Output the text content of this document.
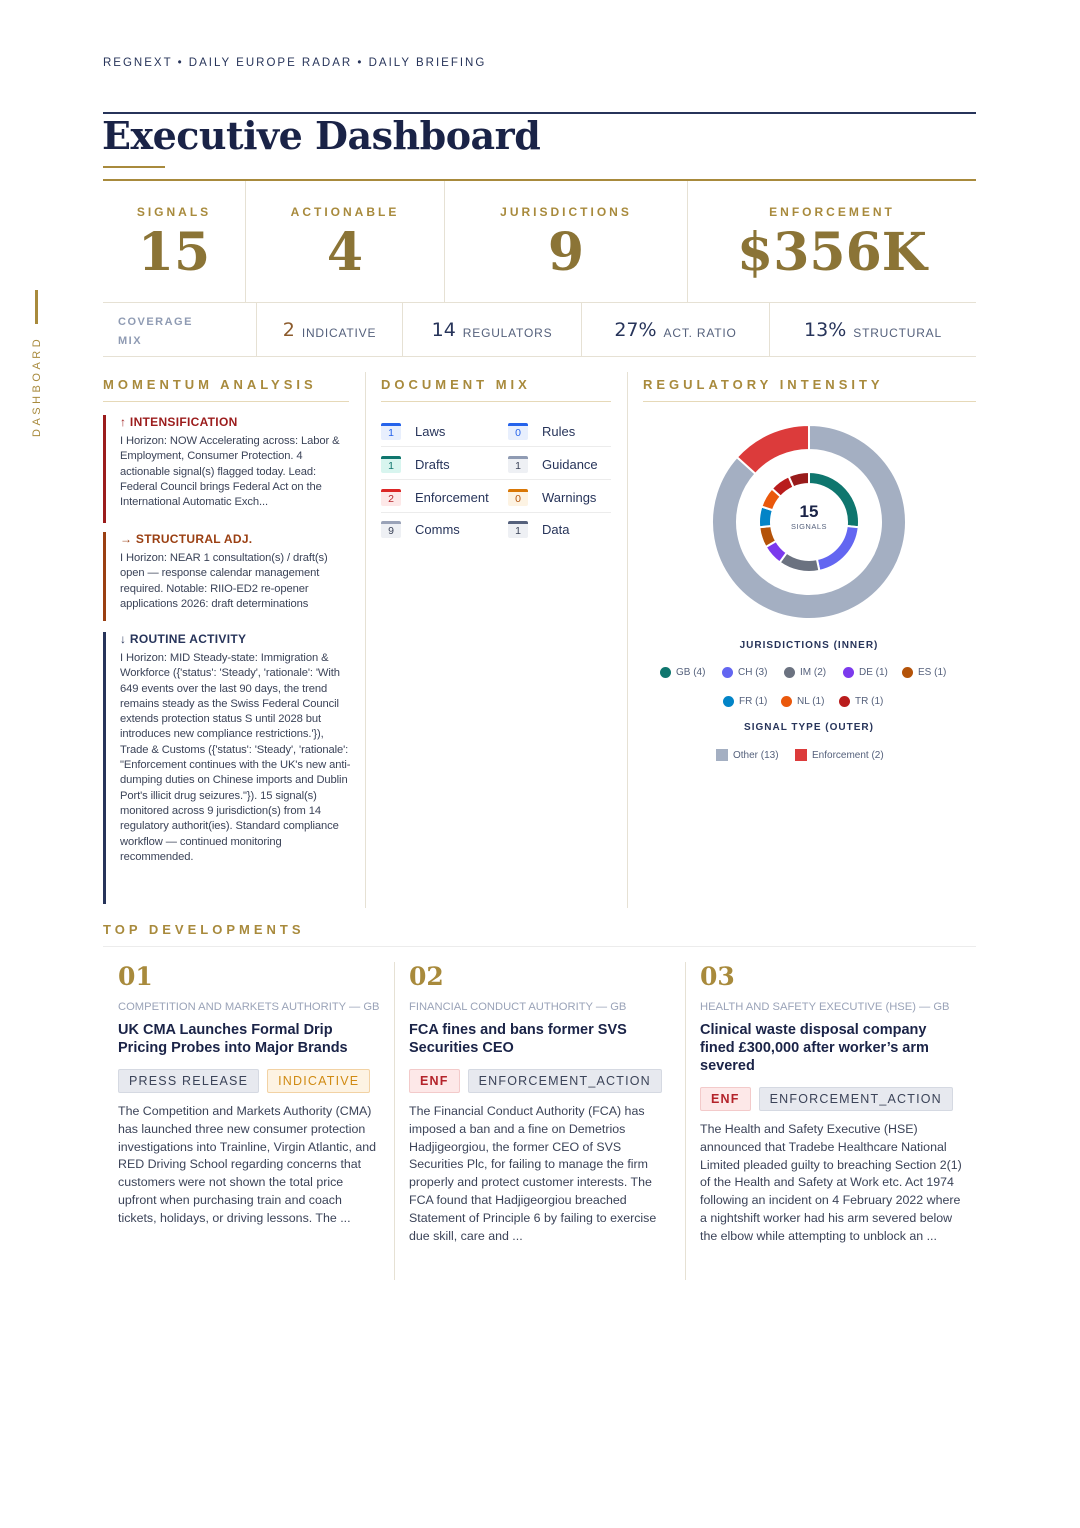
REGNEXT • DAILY EUROPE RADAR • DAILY BRIEFING
DASHBOARD
Executive Dashboard
SIGNALS
15
ACTIONABLE
4
JURISDICTIONS
9
ENFORCEMENT
$356K
COVERAGE MIX	2 INDICATIVE	14 REGULATORS	27% ACT. RATIO	13% STRUCTURAL
MOMENTUM ANALYSIS	DOCUMENT MIX	REGULATORY INTENSITY
↑ INTENSIFICATION
I Horizon: NOW Accelerating across: Labor & Employment, Consumer Protection. 4 actionable signal(s) flagged today. Lead: Federal Council brings Federal Act on the International Automatic Exch...
→ STRUCTURAL ADJ.
I Horizon: NEAR 1 consultation(s) / draft(s) open — response calendar management required. Notable: RIIO-ED2 re-opener applications 2026: draft determinations
↓ ROUTINE ACTIVITY
I Horizon: MID Steady-state: Immigration & Workforce ({'status': 'Steady', 'rationale': 'With 649 events over the last 90 days, the trend remains steady as the Swiss Federal Council extends protection status S until 2028 but introduces new compliance restrictions.'}), Trade & Customs ({'status': 'Steady', 'rationale': "Enforcement continues with the UK's new anti-dumping duties on Chinese imports and Dublin Port's illicit drug seizures."}). 15 signal(s) monitored across 9 jurisdiction(s) from 14 regulatory authorit(ies). Standard compliance workflow — continued monitoring recommended.
1	Laws	0	Rules
1	Drafts	1	Guidance
2	Enforcement	0	Warnings
9	Comms	1	Data
15
SIGNALS
JURISDICTIONS (INNER)
GB (4)	CH (3)	IM (2)	DE (1)	ES (1)
FR (1)	NL (1)	TR (1)
SIGNAL TYPE (OUTER)
Other (13)	Enforcement (2)
TOP DEVELOPMENTS
01
COMPETITION AND MARKETS AUTHORITY — GB
UK CMA Launches Formal Drip Pricing Probes into Major Brands
PRESS RELEASE	INDICATIVE
The Competition and Markets Authority (CMA) has launched three new consumer protection investigations into Trainline, Virgin Atlantic, and RED Driving School regarding concerns that customers were not shown the total price upfront when purchasing train and coach tickets, holidays, or driving lessons. The ...
02
FINANCIAL CONDUCT AUTHORITY — GB
FCA fines and bans former SVS Securities CEO
ENF	ENFORCEMENT_ACTION
The Financial Conduct Authority (FCA) has imposed a ban and a fine on Demetrios Hadjigeorgiou, the former CEO of SVS Securities Plc, for failing to manage the firm properly and protect customer interests. The FCA found that Hadjigeorgiou breached Statement of Principle 6 by failing to exercise due skill, care and ...
03
HEALTH AND SAFETY EXECUTIVE (HSE) — GB
Clinical waste disposal company fined £300,000 after worker’s arm severed
ENF	ENFORCEMENT_ACTION
The Health and Safety Executive (HSE) announced that Tradebe Healthcare National Limited pleaded guilty to breaching Section 2(1) of the Health and Safety at Work etc. Act 1974 following an incident on 4 February 2022 where a nightshift worker had his arm severed below the elbow while attempting to unblock an ...
